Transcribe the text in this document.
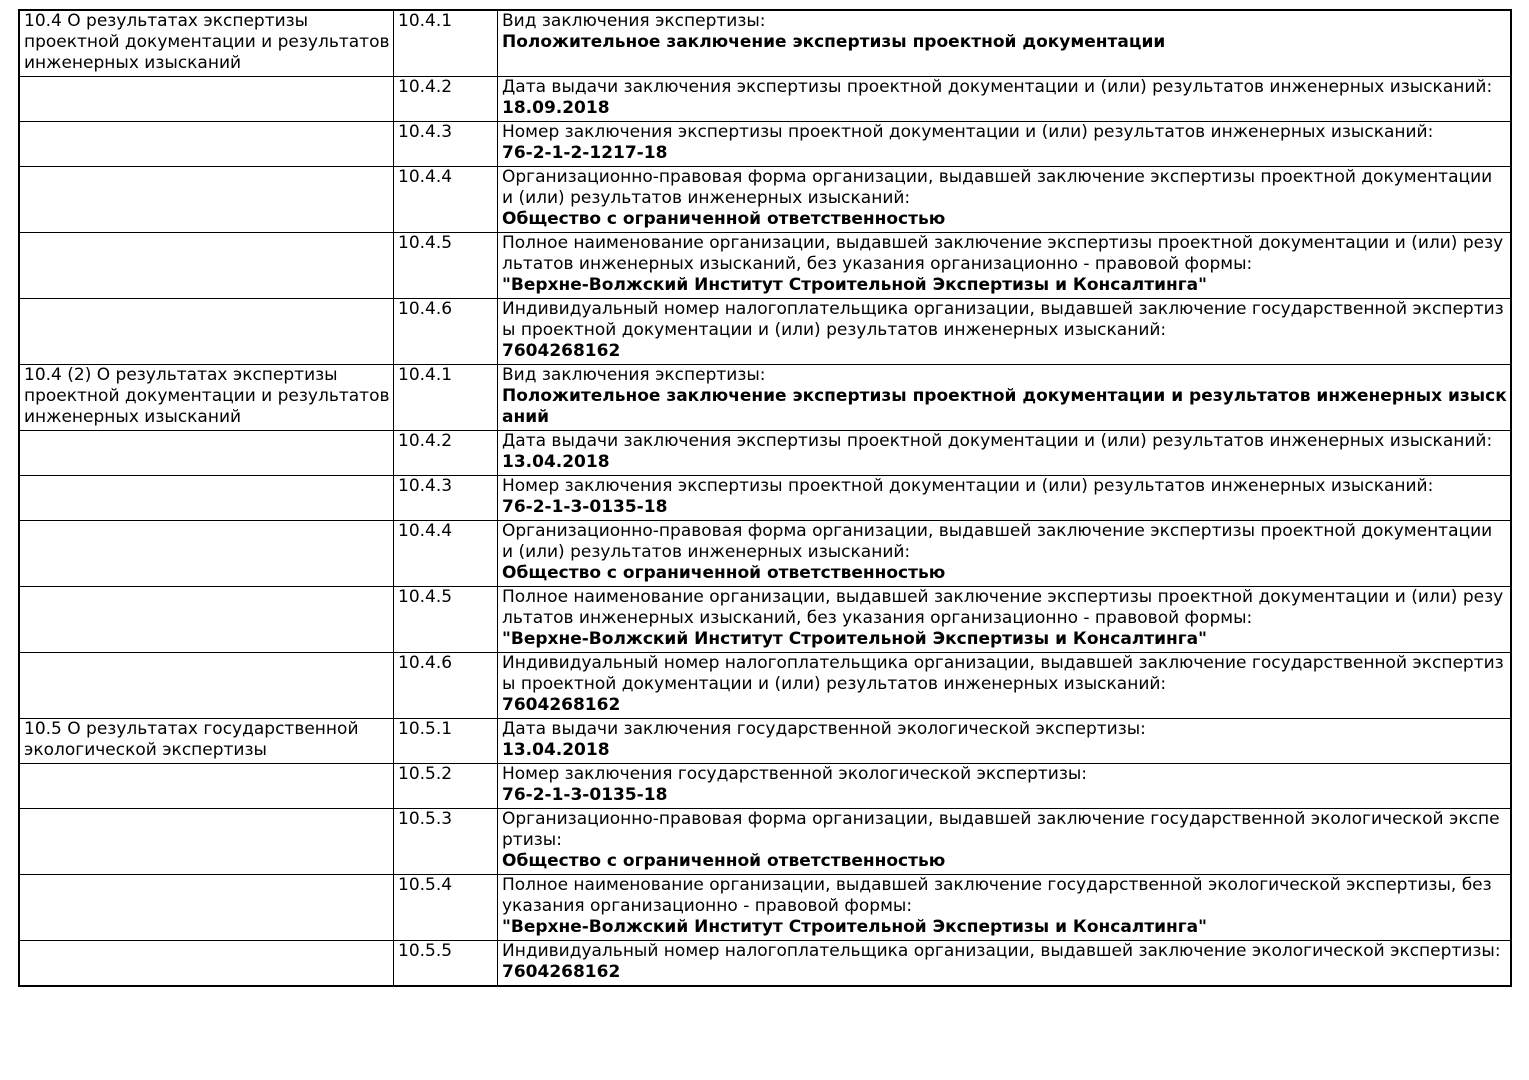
10.4 О результатах экспертизы проектной документации и результатов инженерных изысканий	10.4.1	Вид заключения экспертизы:
Положительное заключение экспертизы проектной документации

	10.4.2	Дата выдачи заключения экспертизы проектной документации и (или) результатов инженерных изысканий:
18.09.2018

	10.4.3	Номер заключения экспертизы проектной документации и (или) результатов инженерных изысканий:
76-2-1-2-1217-18

	10.4.4	Организационно-правовая форма организации, выдавшей заключение экспертизы проектной документации и (или) результатов инженерных изысканий:
Общество с ограниченной ответственностью

	10.4.5	Полное наименование организации, выдавшей заключение экспертизы проектной документации и (или) результатов инженерных изысканий, без указания организационно - правовой формы:
"Верхне-Волжский Институт Строительной Экспертизы и Консалтинга"

	10.4.6	Индивидуальный номер налогоплательщика организации, выдавшей заключение государственной экспертизы проектной документации и (или) результатов инженерных изысканий:
7604268162

10.4 (2) О результатах экспертизы проектной документации и результатов инженерных изысканий	10.4.1	Вид заключения экспертизы:
Положительное заключение экспертизы проектной документации и результатов инженерных изысканий

	10.4.2	Дата выдачи заключения экспертизы проектной документации и (или) результатов инженерных изысканий:
13.04.2018

	10.4.3	Номер заключения экспертизы проектной документации и (или) результатов инженерных изысканий:
76-2-1-3-0135-18

	10.4.4	Организационно-правовая форма организации, выдавшей заключение экспертизы проектной документации и (или) результатов инженерных изысканий:
Общество с ограниченной ответственностью

	10.4.5	Полное наименование организации, выдавшей заключение экспертизы проектной документации и (или) результатов инженерных изысканий, без указания организационно - правовой формы:
"Верхне-Волжский Институт Строительной Экспертизы и Консалтинга"

	10.4.6	Индивидуальный номер налогоплательщика организации, выдавшей заключение государственной экспертизы проектной документации и (или) результатов инженерных изысканий:
7604268162

10.5 О результатах государственной экологической экспертизы	10.5.1	Дата выдачи заключения государственной экологической экспертизы:
13.04.2018

	10.5.2	Номер заключения государственной экологической экспертизы:
76-2-1-3-0135-18

	10.5.3	Организационно-правовая форма организации, выдавшей заключение государственной экологической экспертизы:
Общество с ограниченной ответственностью

	10.5.4	Полное наименование организации, выдавшей заключение государственной экологической экспертизы, без указания организационно - правовой формы:
"Верхне-Волжский Институт Строительной Экспертизы и Консалтинга"

	10.5.5	Индивидуальный номер налогоплательщика организации, выдавшей заключение экологической экспертизы:
7604268162
